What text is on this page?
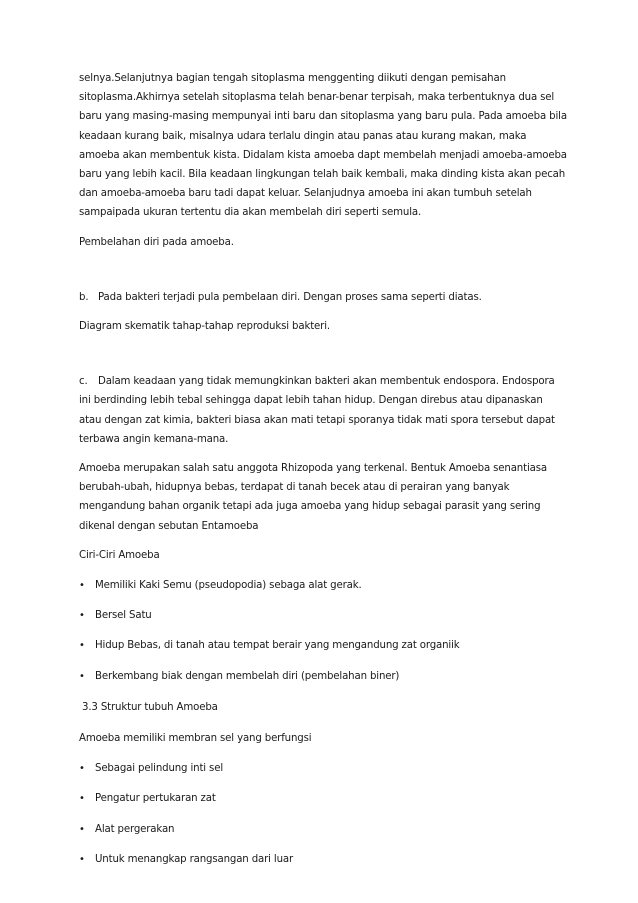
selnya.Selanjutnya bagian tengah sitoplasma menggenting diikuti dengan pemisahan sitoplasma.Akhirnya setelah sitoplasma telah benar-benar terpisah, maka terbentuknya dua sel baru yang masing-masing mempunyai inti baru dan sitoplasma yang baru pula. Pada amoeba bila keadaan kurang baik, misalnya udara terlalu dingin atau panas atau kurang makan, maka amoeba akan membentuk kista. Didalam kista amoeba dapt membelah menjadi amoeba-amoeba baru yang lebih kacil. Bila keadaan lingkungan telah baik kembali, maka dinding kista akan pecah dan amoeba-amoeba baru tadi dapat keluar. Selanjudnya amoeba ini akan tumbuh setelah sampaipada ukuran tertentu dia akan membelah diri seperti semula.

Pembelahan diri pada amoeba.

b. Pada bakteri terjadi pula pembelaan diri. Dengan proses sama seperti diatas.

Diagram skematik tahap-tahap reproduksi bakteri.

c. Dalam keadaan yang tidak memungkinkan bakteri akan membentuk endospora. Endospora ini berdinding lebih tebal sehingga dapat lebih tahan hidup. Dengan direbus atau dipanaskan atau dengan zat kimia, bakteri biasa akan mati tetapi sporanya tidak mati spora tersebut dapat terbawa angin kemana-mana.

Amoeba merupakan salah satu anggota Rhizopoda yang terkenal. Bentuk Amoeba senantiasa berubah-ubah, hidupnya bebas, terdapat di tanah becek atau di perairan yang banyak mengandung bahan organik tetapi ada juga amoeba yang hidup sebagai parasit yang sering dikenal dengan sebutan Entamoeba

Ciri-Ciri Amoeba

•	Memiliki Kaki Semu (pseudopodia) sebaga alat gerak.
•	Bersel Satu
•	Hidup Bebas, di tanah atau tempat berair yang mengandung zat organiik
•	Berkembang biak dengan membelah diri (pembelahan biner)

3.3 Struktur tubuh Amoeba

Amoeba memiliki membran sel yang berfungsi

•	Sebagai pelindung inti sel
•	Pengatur pertukaran zat
•	Alat pergerakan
•	Untuk menangkap rangsangan dari luar
